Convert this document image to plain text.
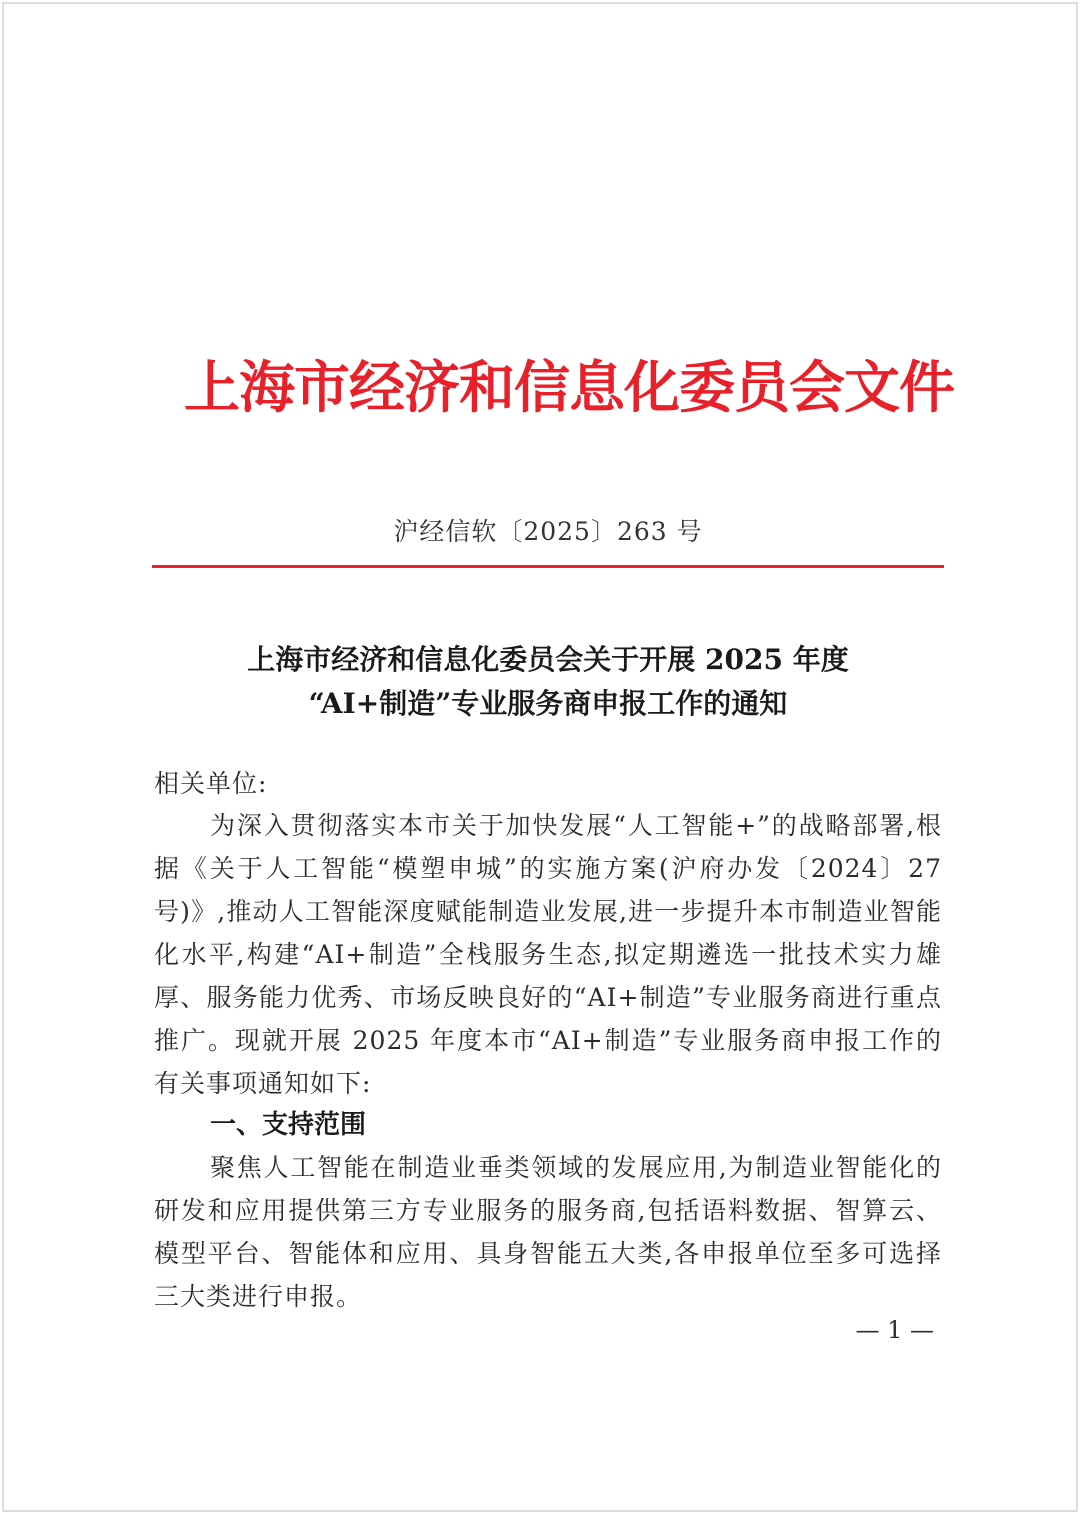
上海市经济和信息化委员会文件
沪经信软〔2025〕263 号
上海市经济和信息化委员会关于开展 2025 年度
“AI+制造”专业服务商申报工作的通知
相关单位:
为深入贯彻落实本市关于加快发展“人工智能+”的战略部署,根据《关于人工智能“模塑申城”的实施方案(沪府办发〔2024〕27 号)》,推动人工智能深度赋能制造业发展,进一步提升本市制造业智能化水平,构建“AI+制造”全栈服务生态,拟定期遴选一批技术实力雄厚、服务能力优秀、市场反映良好的“AI+制造”专业服务商进行重点推广。现就开展 2025 年度本市“AI+制造”专业服务商申报工作的有关事项通知如下:
一、支持范围
聚焦人工智能在制造业垂类领域的发展应用,为制造业智能化的研发和应用提供第三方专业服务的服务商,包括语料数据、智算云、模型平台、智能体和应用、具身智能五大类,各申报单位至多可选择三大类进行申报。
— 1 —
